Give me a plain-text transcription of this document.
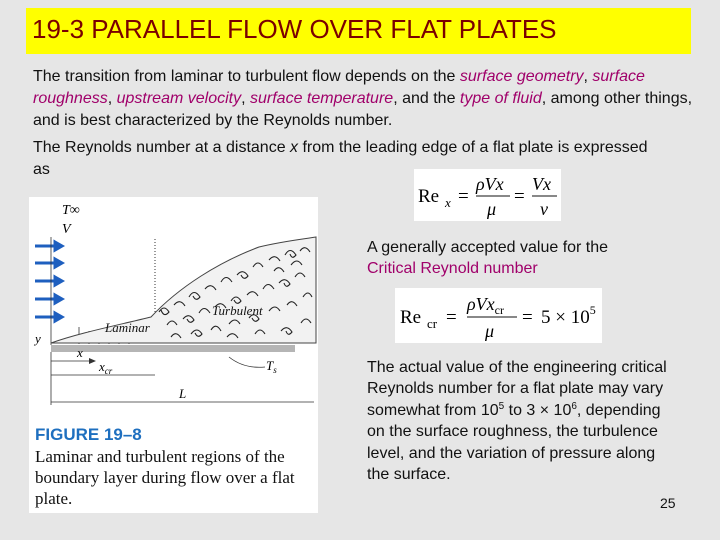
19-3 PARALLEL FLOW OVER FLAT PLATES
The transition from laminar to turbulent flow depends on the surface geometry, surface roughness, upstream velocity, surface temperature, and the type of fluid, among other things, and is best characterized by the Reynolds number.
The Reynolds number at a distance x from the leading edge of a flat plate is expressed as
Re x =
ρVx
μ
=
Vx
ν
T∞
V
y
Laminar
Turbulent
x
$x_{cr}$
L
$T_s$
FIGURE 19–8
Laminar and turbulent regions of the boundary layer during flow over a flat plate.
A generally accepted value for the Critical Reynold number
Re cr =
ρVx$_{cr}$
μ
= $5 \times 10^5$
The actual value of the engineering critical Reynolds number for a flat plate may vary somewhat from $10^5$ to $3 \times 10^6$, depending on the surface roughness, the turbulence level, and the variation of pressure along the surface.
25
